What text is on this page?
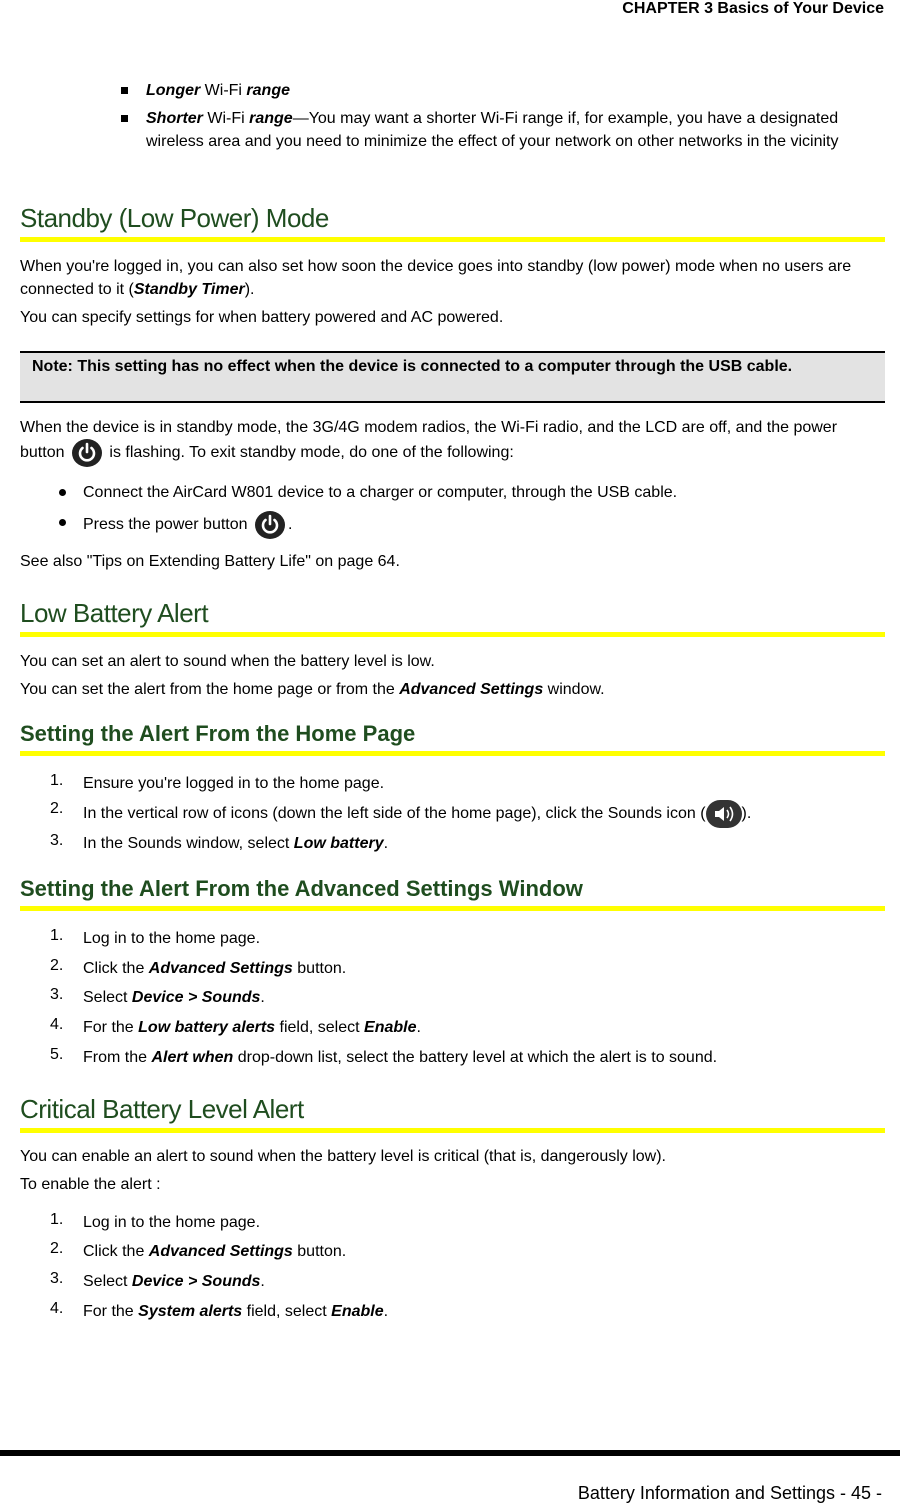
CHAPTER 3 Basics of Your Device
Longer Wi-Fi range
Shorter Wi-Fi range—You may want a shorter Wi-Fi range if, for example, you have a designated wireless area and you need to minimize the effect of your network on other networks in the vicinity
Standby (Low Power) Mode
When you're logged in, you can also set how soon the device goes into standby (low power) mode when no users are connected to it (Standby Timer).
You can specify settings for when battery powered and AC powered.
Note: This setting has no effect when the device is connected to a computer through the USB cable.
When the device is in standby mode, the 3G/4G modem radios, the Wi-Fi radio, and the LCD are off, and the power button	is flashing. To exit standby mode, do one of the following:
Connect the AirCard W801 device to a charger or computer, through the USB cable.
Press the power button	.
See also "Tips on Extending Battery Life" on page 64.
Low Battery Alert
You can set an alert to sound when the battery level is low.
You can set the alert from the home page or from the Advanced Settings window.
Setting the Alert From the Home Page
1. Ensure you're logged in to the home page.
2. In the vertical row of icons (down the left side of the home page), click the Sounds icon ( ).
3. In the Sounds window, select Low battery.
Setting the Alert From the Advanced Settings Window
1. Log in to the home page.
2. Click the Advanced Settings button.
3. Select Device > Sounds.
4. For the Low battery alerts field, select Enable.
5. From the Alert when drop-down list, select the battery level at which the alert is to sound.
Critical Battery Level Alert
You can enable an alert to sound when the battery level is critical (that is, dangerously low).
To enable the alert :
1. Log in to the home page.
2. Click the Advanced Settings button.
3. Select Device > Sounds.
4. For the System alerts field, select Enable.
Battery Information and Settings - 45 -
